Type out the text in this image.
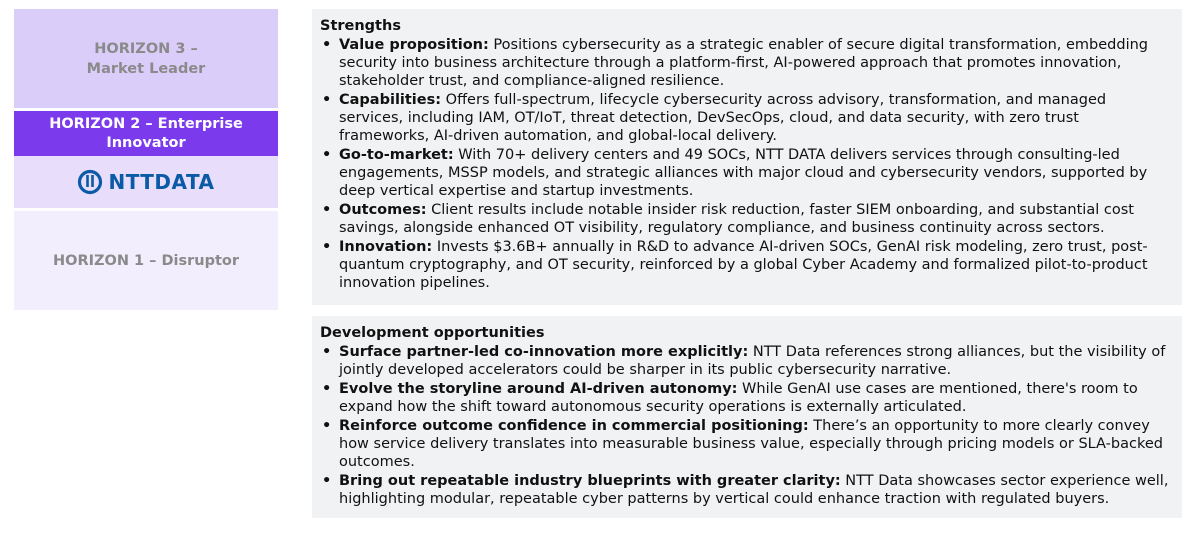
HORIZON 3 –
Market Leader
HORIZON 2 – Enterprise
Innovator
NTTDATA
HORIZON 1 – Disruptor
Strengths
• Value proposition: Positions cybersecurity as a strategic enabler of secure digital transformation, embedding security into business architecture through a platform-first, AI-powered approach that promotes innovation, stakeholder trust, and compliance-aligned resilience.
• Capabilities: Offers full-spectrum, lifecycle cybersecurity across advisory, transformation, and managed services, including IAM, OT/IoT, threat detection, DevSecOps, cloud, and data security, with zero trust frameworks, AI-driven automation, and global-local delivery.
• Go-to-market: With 70+ delivery centers and 49 SOCs, NTT DATA delivers services through consulting-led engagements, MSSP models, and strategic alliances with major cloud and cybersecurity vendors, supported by deep vertical expertise and startup investments.
• Outcomes: Client results include notable insider risk reduction, faster SIEM onboarding, and substantial cost savings, alongside enhanced OT visibility, regulatory compliance, and business continuity across sectors.
• Innovation: Invests $3.6B+ annually in R&D to advance AI-driven SOCs, GenAI risk modeling, zero trust, post-quantum cryptography, and OT security, reinforced by a global Cyber Academy and formalized pilot-to-product innovation pipelines.
Development opportunities
• Surface partner-led co-innovation more explicitly: NTT Data references strong alliances, but the visibility of jointly developed accelerators could be sharper in its public cybersecurity narrative.
• Evolve the storyline around AI-driven autonomy: While GenAI use cases are mentioned, there's room to expand how the shift toward autonomous security operations is externally articulated.
• Reinforce outcome confidence in commercial positioning: There’s an opportunity to more clearly convey how service delivery translates into measurable business value, especially through pricing models or SLA-backed outcomes.
• Bring out repeatable industry blueprints with greater clarity: NTT Data showcases sector experience well, highlighting modular, repeatable cyber patterns by vertical could enhance traction with regulated buyers.
